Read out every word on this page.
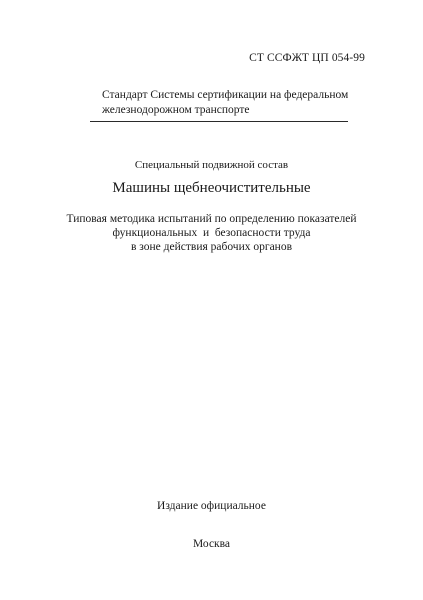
СТ ССФЖТ ЦП 054-99
Стандарт Системы сертификации на федеральном
железнодорожном транспорте
Специальный подвижной состав
Машины щебнеочистительные
Типовая методика испытаний по определению показателей
функциональных  и  безопасности труда
в зоне действия рабочих органов
Издание официальное
Москва
